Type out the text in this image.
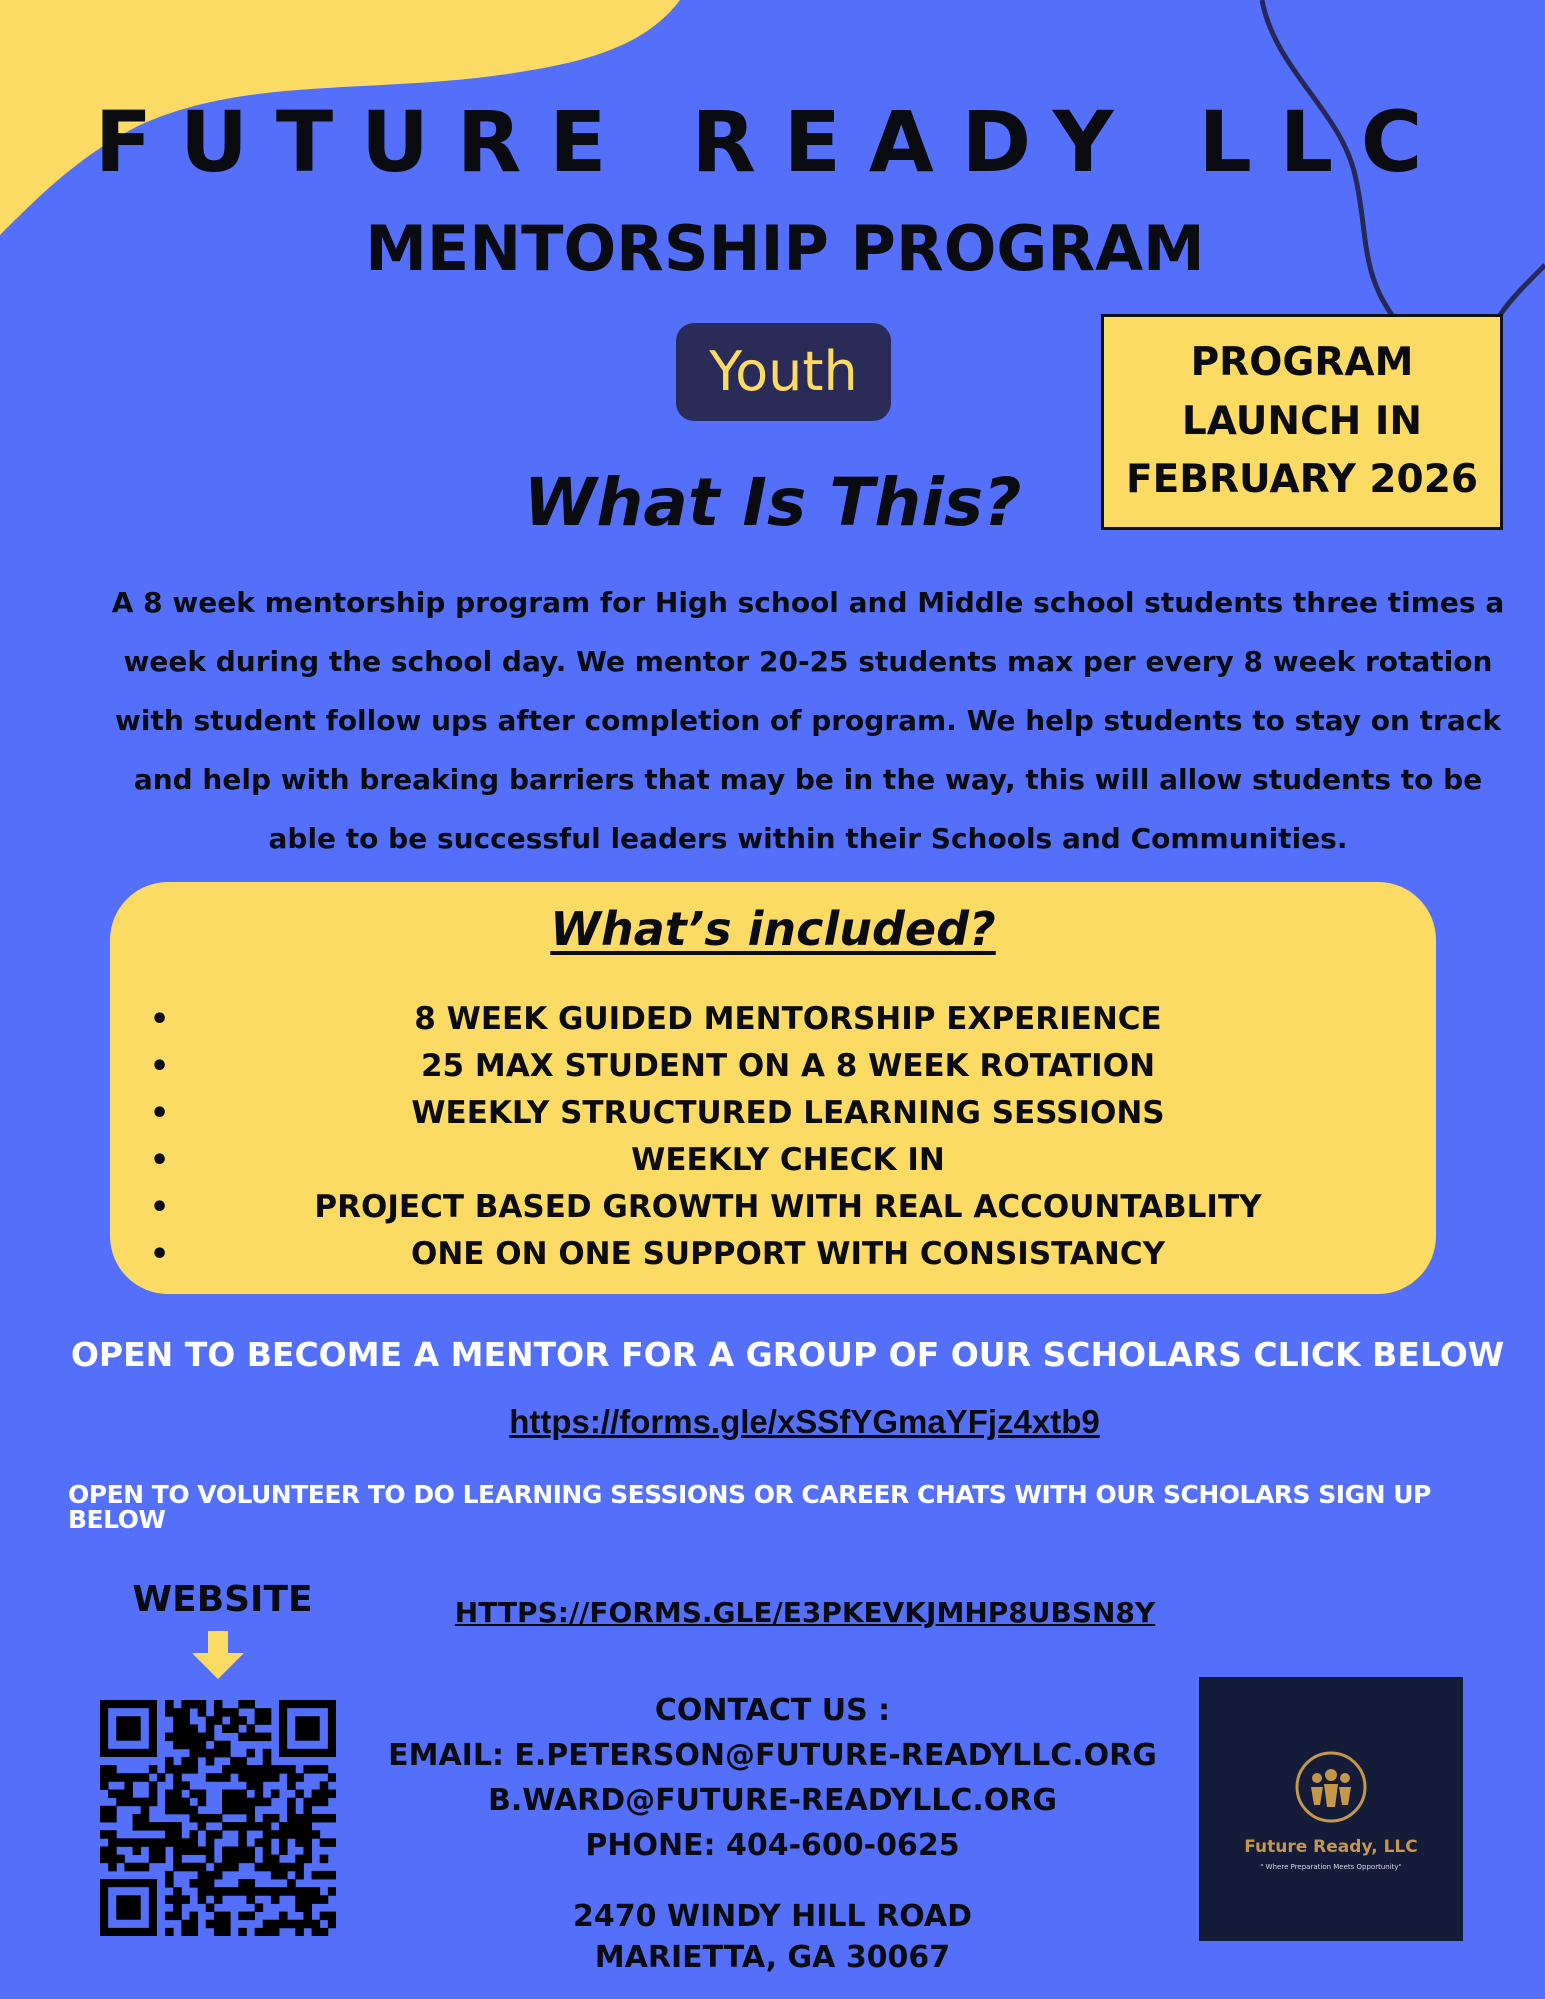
FUTURE READY LLC
MENTORSHIP PROGRAM
Youth	PROGRAM
LAUNCH IN
FEBRUARY 2026
What Is This?
A 8 week mentorship program for High school and Middle school students three times a week during the school day. We mentor 20-25 students max per every 8 week rotation with student follow ups after completion of program. We help students to stay on track and help with breaking barriers that may be in the way, this will allow students to be able to be successful leaders within their Schools and Communities.
What’s included?
•	8 WEEK GUIDED MENTORSHIP EXPERIENCE
•	25 MAX STUDENT ON A 8 WEEK ROTATION
•	WEEKLY STRUCTURED LEARNING SESSIONS
•	WEEKLY CHECK IN
•	PROJECT BASED GROWTH WITH REAL ACCOUNTABLITY
•	ONE ON ONE SUPPORT WITH CONSISTANCY
OPEN TO BECOME A MENTOR FOR A GROUP OF OUR SCHOLARS CLICK BELOW
https://forms.gle/xSSfYGmaYFjz4xtb9
OPEN TO VOLUNTEER TO DO LEARNING SESSIONS OR CAREER CHATS WITH OUR SCHOLARS SIGN UP BELOW
HTTPS://FORMS.GLE/E3PKEVKJMHP8UBSN8Y
WEBSITE
CONTACT US :
EMAIL: E.PETERSON@FUTURE-READYLLC.ORG
B.WARD@FUTURE-READYLLC.ORG
PHONE: 404-600-0625
2470 WINDY HILL ROAD
MARIETTA, GA 30067
Future Ready, LLC
" Where Preparation Meets Opportunity"
